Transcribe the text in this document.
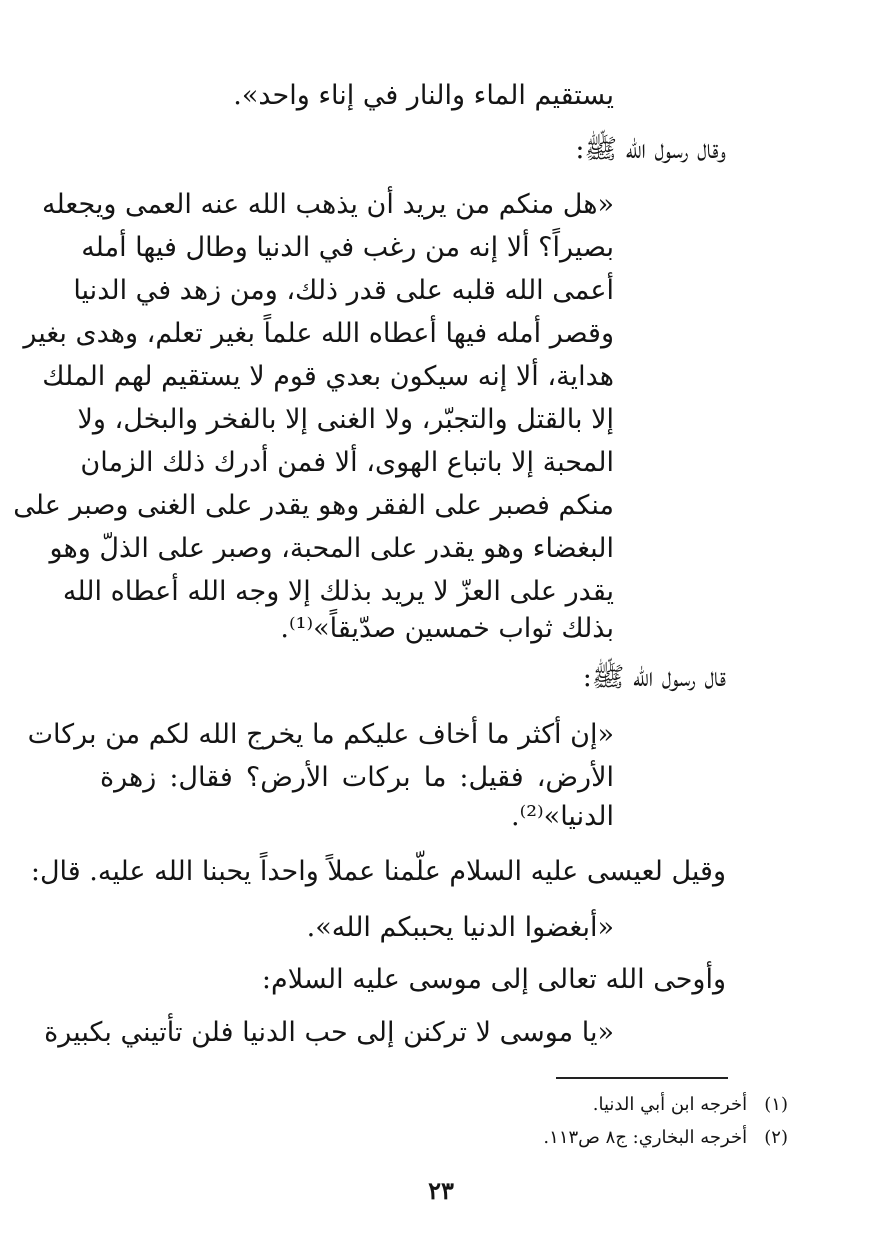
يستقيم الماء والنار في إناء واحد».
وقال رسول الله ﷺ:
«هل منكم من يريد أن يذهب الله عنه العمى ويجعله
بصيراً؟ ألا إنه من رغب في الدنيا وطال فيها أمله
أعمى الله قلبه على قدر ذلك، ومن زهد في الدنيا
وقصر أمله فيها أعطاه الله علماً بغير تعلم، وهدى بغير
هداية، ألا إنه سيكون بعدي قوم لا يستقيم لهم الملك
إلا بالقتل والتجبّر، ولا الغنى إلا بالفخر والبخل، ولا
المحبة إلا باتباع الهوى، ألا فمن أدرك ذلك الزمان
منكم فصبر على الفقر وهو يقدر على الغنى وصبر على
البغضاء وهو يقدر على المحبة، وصبر على الذلّ وهو
يقدر على العزّ لا يريد بذلك إلا وجه الله أعطاه الله
بذلك ثواب خمسين صدّيقاً»⁽¹⁾.
قال رسول الله ﷺ:
«إن أكثر ما أخاف عليكم ما يخرج الله لكم من بركات
الأرض، فقيل: ما بركات الأرض؟ فقال: زهرة
الدنيا»⁽²⁾.
وقيل لعيسى عليه السلام علّمنا عملاً واحداً يحبنا الله عليه. قال:
«أبغضوا الدنيا يحببكم الله».
وأوحى الله تعالى إلى موسى عليه السلام:
«يا موسى لا تركنن إلى حب الدنيا فلن تأتيني بكبيرة
(١)   أخرجه ابن أبي الدنيا.
(٢)   أخرجه البخاري: ج٨ ص١١٣.
٢٣
